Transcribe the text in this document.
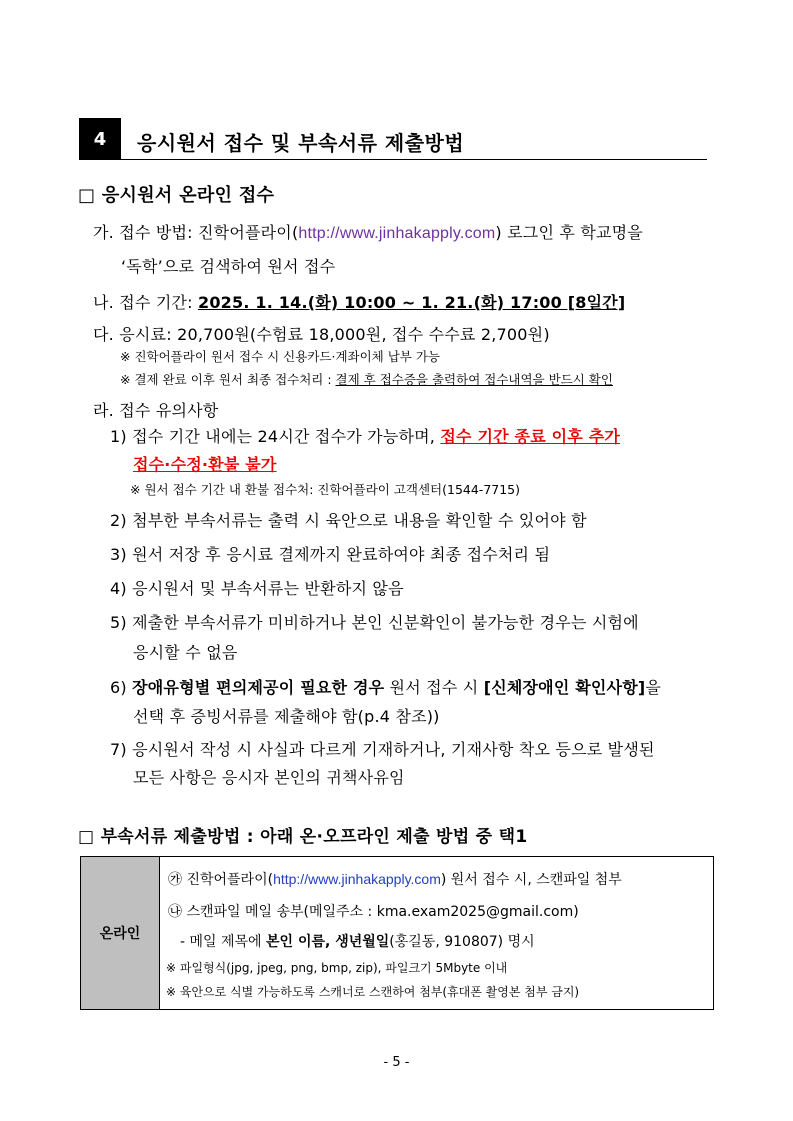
4	응시원서 접수 및 부속서류 제출방법
□ 응시원서 온라인 접수
가. 접수 방법: 진학어플라이(http://www.jinhakapply.com) 로그인 후 학교명을
‘독학’으로 검색하여 원서 접수
나. 접수 기간: 2025. 1. 14.(화) 10:00 ~ 1. 21.(화) 17:00 [8일간]
다. 응시료: 20,700원(수험료 18,000원, 접수 수수료 2,700원)
※ 진학어플라이 원서 접수 시 신용카드·계좌이체 납부 가능
※ 결제 완료 이후 원서 최종 접수처리 : 결제 후 접수증을 출력하여 접수내역을 반드시 확인
라. 접수 유의사항
1) 접수 기간 내에는 24시간 접수가 가능하며, 접수 기간 종료 이후 추가
접수·수정·환불 불가
※ 원서 접수 기간 내 환불 접수처: 진학어플라이 고객센터(1544-7715)
2) 첨부한 부속서류는 출력 시 육안으로 내용을 확인할 수 있어야 함
3) 원서 저장 후 응시료 결제까지 완료하여야 최종 접수처리 됨
4) 응시원서 및 부속서류는 반환하지 않음
5) 제출한 부속서류가 미비하거나 본인 신분확인이 불가능한 경우는 시험에
응시할 수 없음
6) 장애유형별 편의제공이 필요한 경우 원서 접수 시 [신체장애인 확인사항]을
선택 후 증빙서류를 제출해야 함(p.4 참조))
7) 응시원서 작성 시 사실과 다르게 기재하거나, 기재사항 착오 등으로 발생된
모든 사항은 응시자 본인의 귀책사유임
□ 부속서류 제출방법 : 아래 온·오프라인 제출 방법 중 택1
온라인	
㉮ 진학어플라이(http://www.jinhakapply.com) 원서 접수 시, 스캔파일 첨부
㉯ 스캔파일 메일 송부(메일주소 : kma.exam2025@gmail.com)
- 메일 제목에 본인 이름, 생년월일(홍길동, 910807) 명시
※ 파일형식(jpg, jpeg, png, bmp, zip), 파일크기 5Mbyte 이내
※ 육안으로 식별 가능하도록 스캐너로 스캔하여 첨부(휴대폰 촬영본 첨부 금지)
- 5 -
